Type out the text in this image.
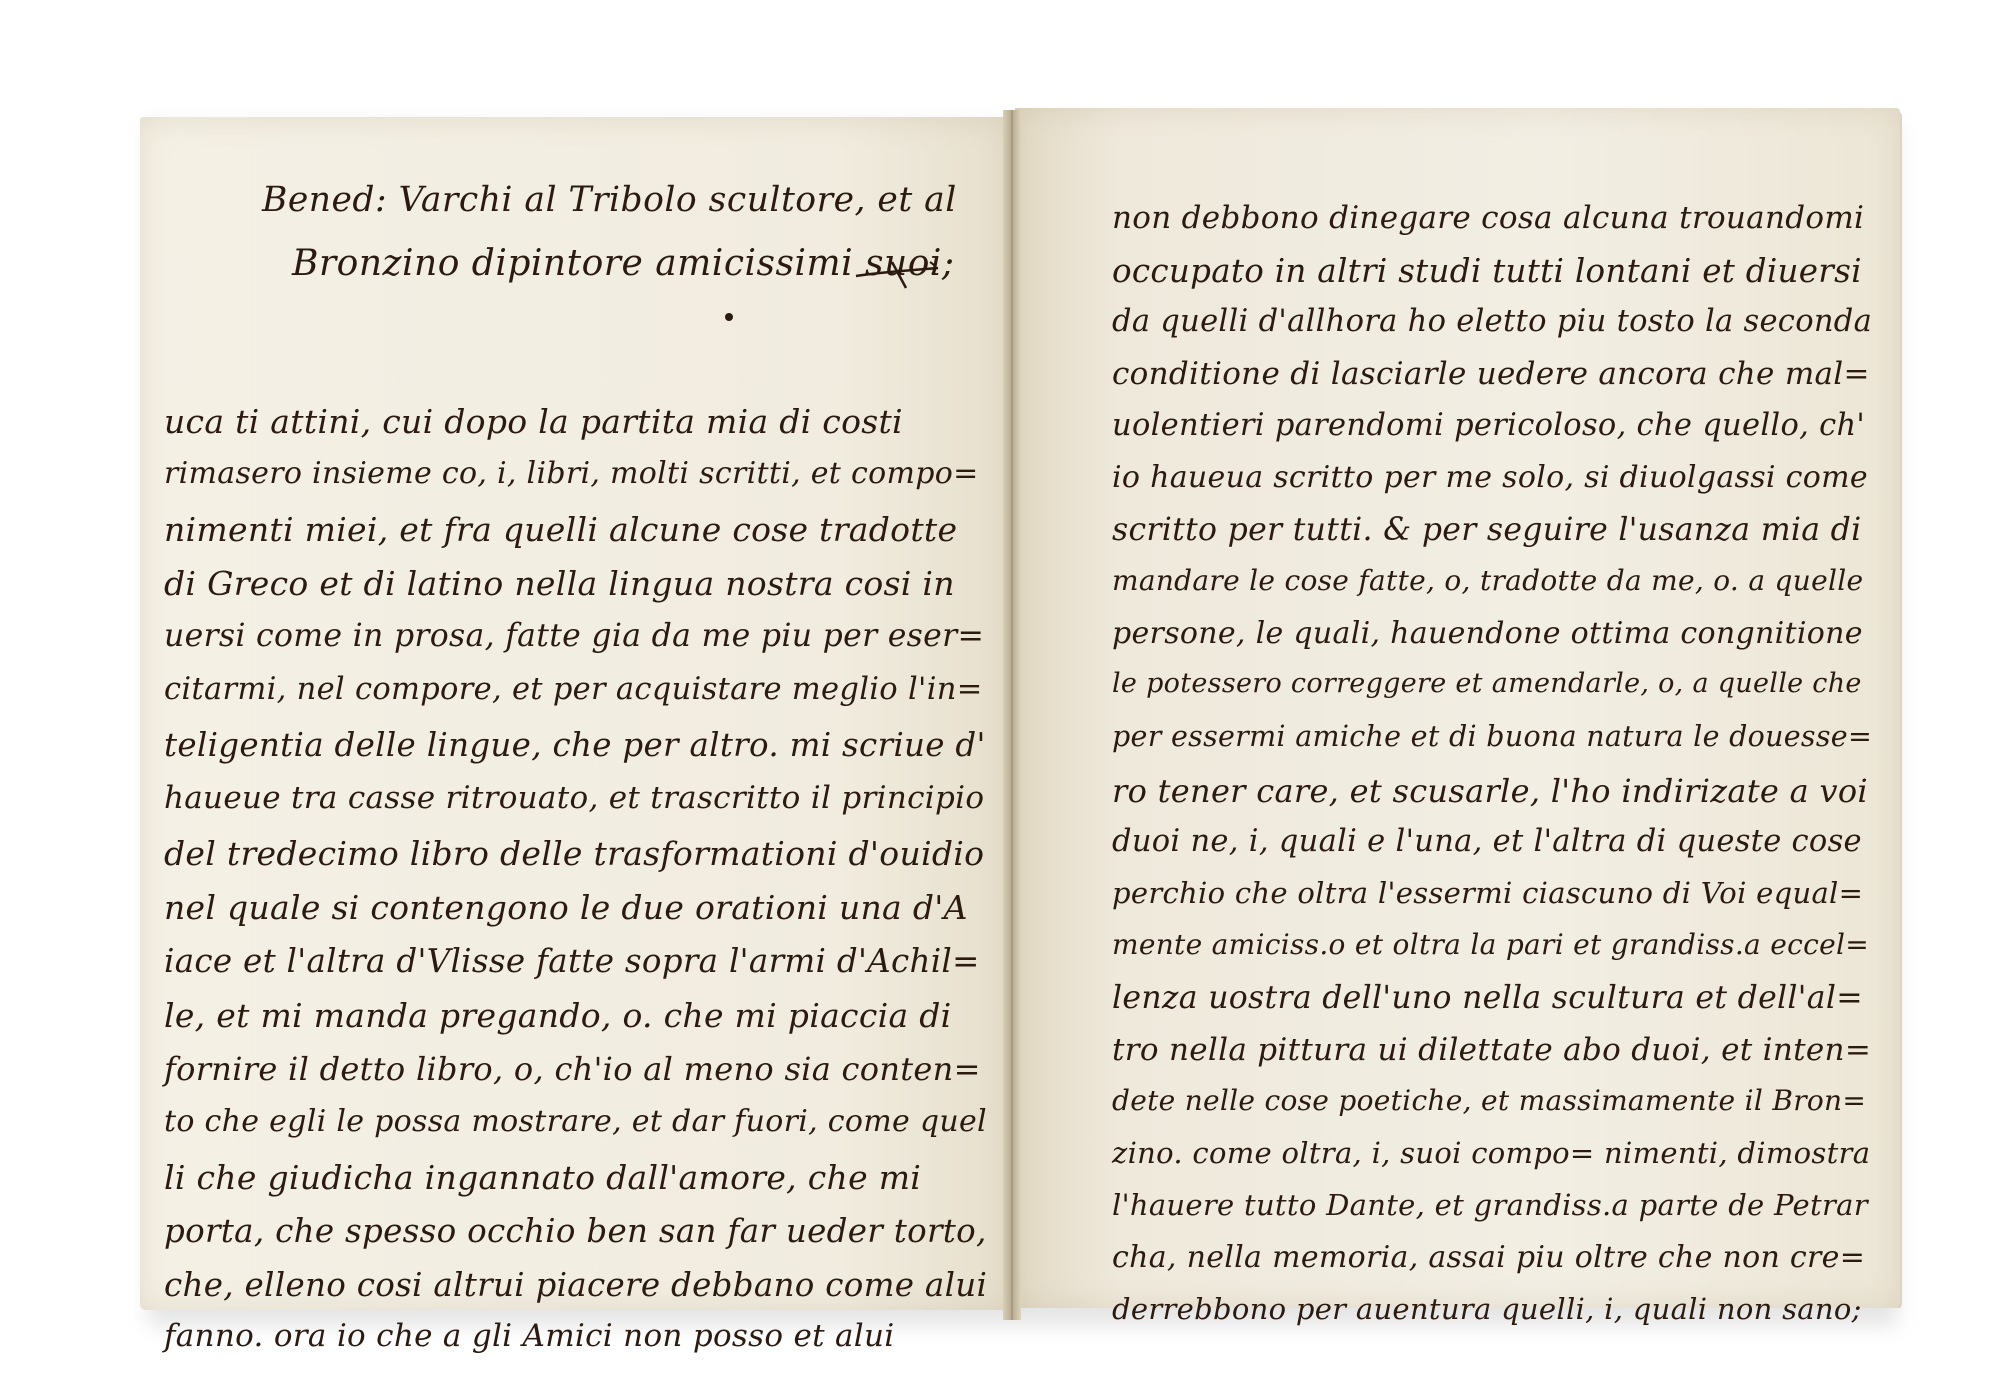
Bened: Varchi al Tribolo scultore, et al
Bronzino dipintore amicissimi suoi;
uca ti attini, cui dopo la partita mia di costi
rimasero insieme co, i, libri, molti scritti, et compo=
nimenti miei, et fra quelli alcune cose tradotte
di Greco et di latino nella lingua nostra cosi in
uersi come in prosa, fatte gia da me piu per eser=
citarmi, nel compore, et per acquistare meglio l'in=
teligentia delle lingue, che per altro. mi scriue d'
haueue tra casse ritrouato, et trascritto il principio
del tredecimo libro delle trasformationi d'ouidio
nel quale si contengono le due orationi una d'A
iace et l'altra d'Vlisse fatte sopra l'armi d'Achil=
le, et mi manda pregando, o. che mi piaccia di
fornire il detto libro, o, ch'io al meno sia conten=
to che egli le possa mostrare, et dar fuori, come quel
li che giudicha ingannato dall'amore, che mi
porta, che spesso occhio ben san far ueder torto,
che, elleno cosi altrui piacere debbano come alui
fanno. ora io che a gli Amici non posso et alui
non debbono dinegare cosa alcuna trouandomi
occupato in altri studi tutti lontani et diuersi
da quelli d'allhora ho eletto piu tosto la seconda
conditione di lasciarle uedere ancora che mal=
uolentieri parendomi pericoloso, che quello, ch'
io haueua scritto per me solo, si diuolgassi come
scritto per tutti. & per seguire l'usanza mia di
mandare le cose fatte, o, tradotte da me, o. a quelle
persone, le quali, hauendone ottima congnitione
le potessero correggere et amendarle, o, a quelle che
per essermi amiche et di buona natura le douesse=
ro tener care, et scusarle, l'ho indirizate a voi
duoi ne, i, quali e l'una, et l'altra di queste cose
perchio che oltra l'essermi ciascuno di Voi equal=
mente amiciss.o et oltra la pari et grandiss.a eccel=
lenza uostra dell'uno nella scultura et dell'al=
tro nella pittura ui dilettate abo duoi, et inten=
dete nelle cose poetiche, et massimamente il Bron=
zino. come oltra, i, suoi compo= nimenti, dimostra
l'hauere tutto Dante, et grandiss.a parte de Petrar
cha, nella memoria, assai piu oltre che non cre=
derrebbono per auentura quelli, i, quali non sano;
